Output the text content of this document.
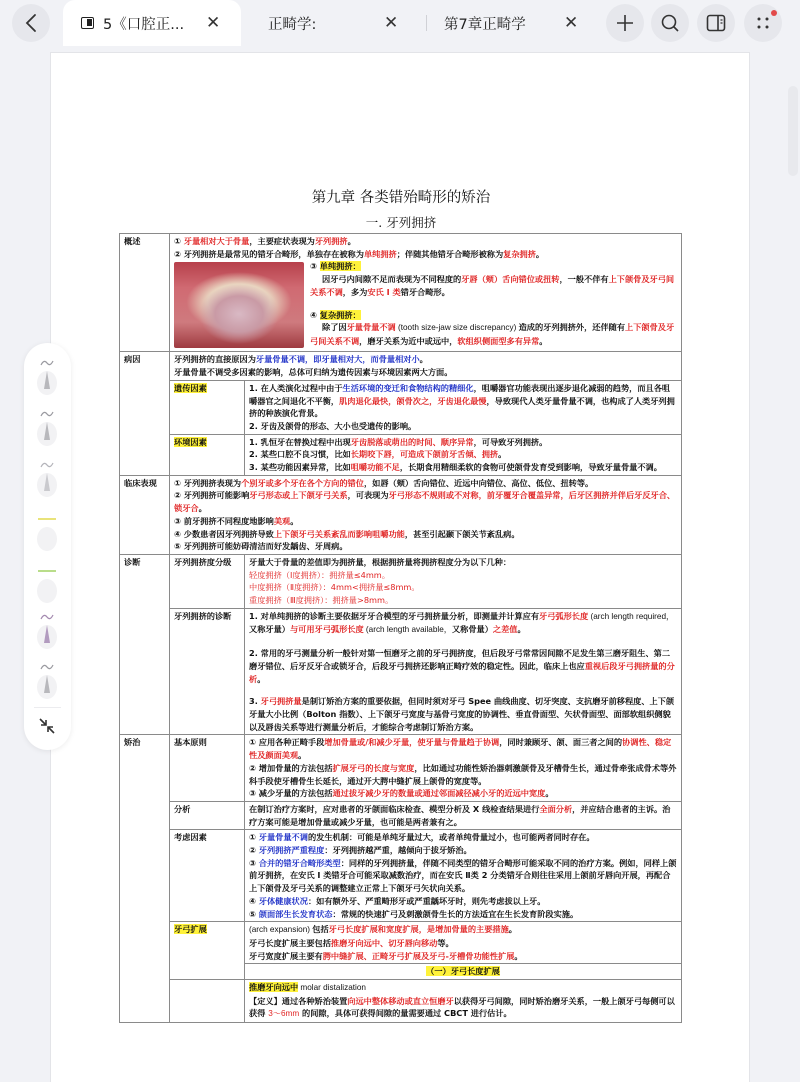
5《口腔正... ✕	正畸学:	✕	第7章正畸学 ✕
第九章 各类错殆畸形的矫治
一. 牙列拥挤
概述	① 牙量相对大于骨量，主要症状表现为牙列拥挤。
② 牙列拥挤是最常见的错牙合畸形，单独存在被称为单纯拥挤；伴随其他错牙合畸形被称为复杂拥挤。
③ 单纯拥挤：
因牙弓内间隙不足而表现为不同程度的牙唇（颊）舌向错位或扭转，一般不伴有上下颌骨及牙弓间关系不调，多为安氏 I 类错牙合畸形。
④ 复杂拥挤：
除了因牙量骨量不调 (tooth size-jaw size discrepancy) 造成的牙列拥挤外，还伴随有上下颌骨及牙弓间关系不调，磨牙关系为近中或远中，软组织侧面型多有异常。

病因	牙列拥挤的直接原因为牙量骨量不调，即牙量相对大，而骨量相对小。
牙量骨量不调受多因素的影响，总体可归纳为遗传因素与环境因素两大方面。	

	遗传因素	1. 在人类演化过程中由于生活环境的变迁和食物结构的精细化，咀嚼器官功能表现出逐步退化减弱的趋势，而且各咀嚼器官之间退化不平衡，肌肉退化最快，颌骨次之，牙齿退化最慢，导致现代人类牙量骨量不调，也构成了人类牙列拥挤的种族演化背景。
2. 牙齿及颌骨的形态、大小也受遗传的影响。

	环境因素	1. 乳恒牙在替换过程中出现牙齿脱落或萌出的时间、顺序异常，可导致牙列拥挤。
2. 某些口腔不良习惯，比如长期咬下唇，可造成下颌前牙舌倾、拥挤。
3. 某些功能因素异常，比如咀嚼功能不足，长期食用精细柔软的食物可使颌骨发育受到影响，导致牙量骨量不调。

临床表现	① 牙列拥挤表现为个别牙或多个牙在各个方向的错位，如唇（颊）舌向错位、近远中向错位、高位、低位、扭转等。
② 牙列拥挤可能影响牙弓形态或上下颌牙弓关系，可表现为牙弓形态不规则或不对称，前牙覆牙合覆盖异常，后牙区拥挤并伴后牙反牙合、锁牙合。
③ 前牙拥挤不同程度地影响美观。
④ 少数患者因牙列拥挤导致上下颌牙弓关系紊乱而影响咀嚼功能，甚至引起颞下颌关节紊乱病。
⑤ 牙列拥挤可能妨碍清洁而好发龋齿、牙周病。	

诊断	牙列拥挤度分级	牙量大于骨量的差值即为拥挤量，根据拥挤量将拥挤程度分为以下几种：
轻度拥挤（Ⅰ度拥挤）：拥挤量≤4mm。
中度拥挤（Ⅱ度拥挤）：4mm<拥挤量≤8mm。
重度拥挤（Ⅲ度拥挤）：拥挤量>8mm。

	牙列拥挤的诊断	1. 对单纯拥挤的诊断主要依据牙牙合模型的牙弓拥挤量分析，即测量并计算应有牙弓弧形长度 (arch length required，又称牙量）与可用牙弓弧形长度 (arch length available，又称骨量）之差值。
2. 常用的牙弓测量分析一般针对第一恒磨牙之前的牙弓拥挤度，但后段牙弓常常因间隙不足发生第三磨牙阻生、第二磨牙错位、后牙反牙合或锁牙合，后段牙弓拥挤还影响正畸疗效的稳定性。因此，临床上也应重视后段牙弓拥挤量的分析。
3. 牙弓拥挤量是制订矫治方案的重要依据，但同时须对牙弓 Spee 曲线曲度、切牙突度、支抗磨牙前移程度、上下颌牙量大小比例（Bolton 指数）、上下颌牙弓宽度与基骨弓宽度的协调性、垂直骨面型、矢状骨面型、面部软组织侧貌以及唇齿关系等进行测量分析后，才能综合考虑制订矫治方案。

矫治	基本原则	① 应用各种正畸手段增加骨量或/和减少牙量，使牙量与骨量趋于协调，同时兼顾牙、颌、面三者之间的协调性、稳定性及颜面美观。
② 增加骨量的方法包括扩展牙弓的长度与宽度，比如通过功能性矫治器刺激颌骨及牙槽骨生长，通过骨牵张成骨术等外科手段使牙槽骨生长延长，通过开大腭中缝扩展上颌骨的宽度等。
③ 减少牙量的方法包括通过拔牙减少牙的数量或通过邻面减径减小牙的近远中宽度。

	分析	在制订治疗方案时，应对患者的牙颌面临床检查、模型分析及 X 线检查结果进行全面分析，并应结合患者的主诉。治疗方案可能是增加骨量或减少牙量，也可能是两者兼有之。
	考虑因素	① 牙量骨量不调的发生机制：可能是单纯牙量过大，或者单纯骨量过小，也可能两者同时存在。
② 牙列拥挤严重程度：牙列拥挤越严重，越倾向于拔牙矫治。
③ 合并的错牙合畸形类型：同样的牙列拥挤量，伴随不同类型的错牙合畸形可能采取不同的治疗方案。例如，同样上颌前牙拥挤，在安氏 I 类错牙合可能采取减数治疗，而在安氏 Ⅱ类 2 分类错牙合则往往采用上颌前牙唇向开展，再配合上下颌骨及牙弓关系的调整建立正常上下颌牙弓矢状向关系。
④ 牙体健康状况：如有额外牙、严重畸形牙或严重龋坏牙时，则先考虑拔以上牙。
⑤ 颌面部生长发育状态：常规的快速扩弓及刺激颌骨生长的方法适宜在生长发育阶段实施。

	牙弓扩展	(arch expansion) 包括牙弓长度扩展和宽度扩展，是增加骨量的主要措施。
牙弓长度扩展主要包括推磨牙向远中、切牙唇向移动等。
牙弓宽度扩展主要有腭中缝扩展、正畸牙弓扩展及牙弓-牙槽骨功能性扩展。

		（一）牙弓长度扩展

		推磨牙向远中 molar distalization
【定义】通过各种矫治装置向远中整体移动或直立恒磨牙以获得牙弓间隙，同时矫治磨牙关系，一般上颌牙弓每侧可以获得 3～6mm 的间隙，具体可获得间隙的量需要通过 CBCT 进行估计。
